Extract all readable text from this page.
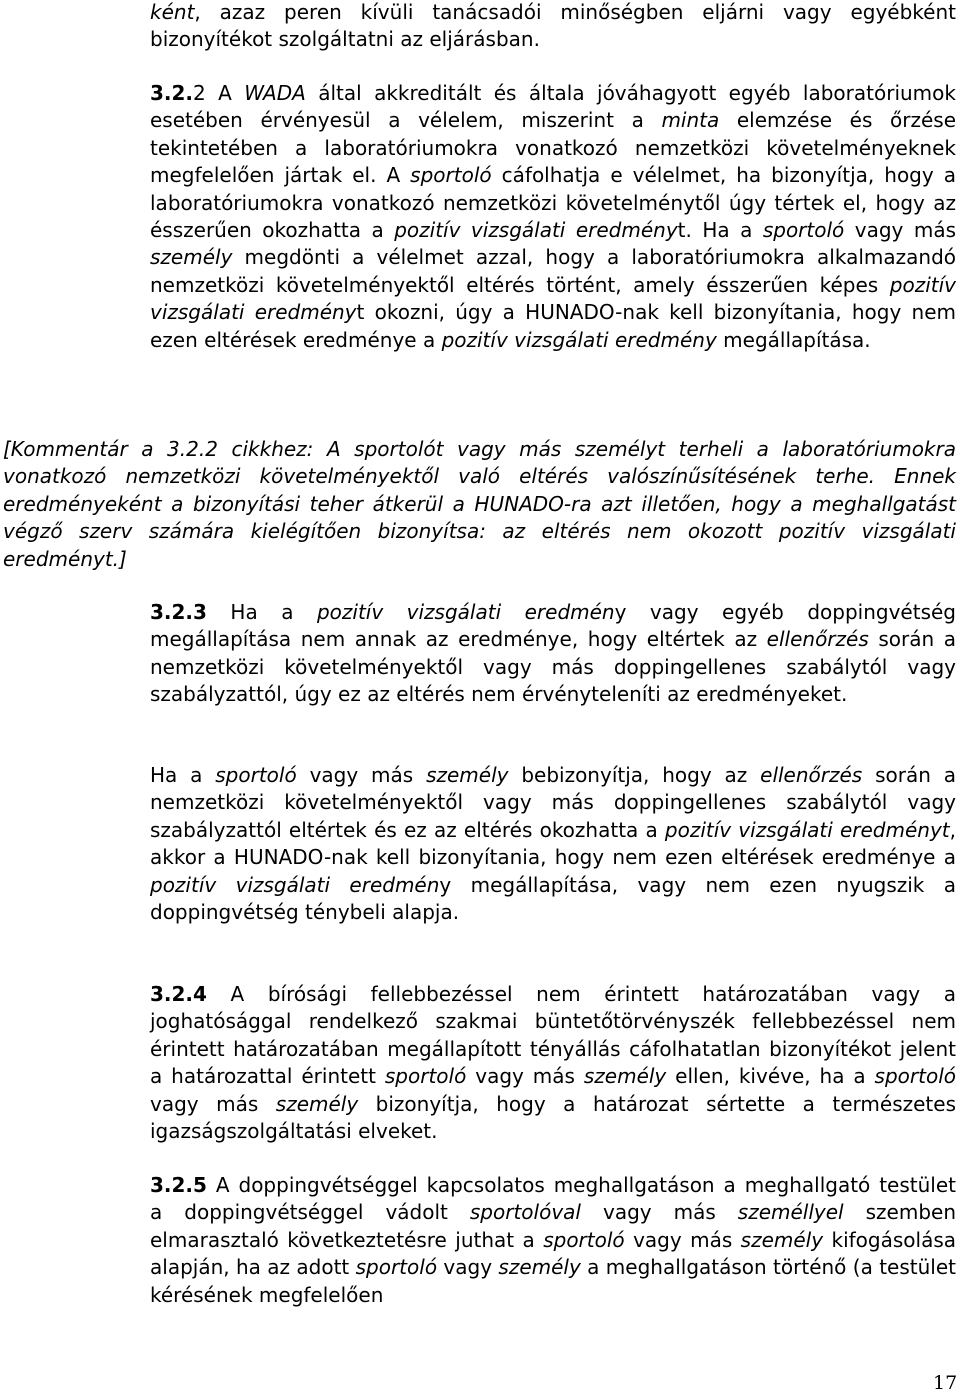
ként, azaz peren kívüli tanácsadói minőségben eljárni vagy egyébként bizonyítékot szolgáltatni az eljárásban.

3.2.2 A WADA által akkreditált és általa jóváhagyott egyéb laboratóriumok esetében érvényesül a vélelem, miszerint a minta elemzése és őrzése tekintetében a laboratóriumokra vonatkozó nemzetközi követelményeknek megfelelően jártak el. A sportoló cáfolhatja e vélelmet, ha bizonyítja, hogy a laboratóriumokra vonatkozó nemzetközi követelménytől úgy tértek el, hogy az ésszerűen okozhatta a pozitív vizsgálati eredményt. Ha a sportoló vagy más személy megdönti a vélelmet azzal, hogy a laboratóriumokra alkalmazandó nemzetközi követelményektől eltérés történt, amely ésszerűen képes pozitív vizsgálati eredményt okozni, úgy a HUNADO-nak kell bizonyítania, hogy nem ezen eltérések eredménye a pozitív vizsgálati eredmény megállapítása.

[Kommentár a 3.2.2 cikkhez: A sportolót vagy más személyt terheli a laboratóriumokra vonatkozó nemzetközi követelményektől való eltérés valószínűsítésének terhe. Ennek eredményeként a bizonyítási teher átkerül a HUNADO-ra azt illetően, hogy a meghallgatást végző szerv számára kielégítően bizonyítsa: az eltérés nem okozott pozitív vizsgálati eredményt.]

3.2.3 Ha a pozitív vizsgálati eredmény vagy egyéb doppingvétség megállapítása nem annak az eredménye, hogy eltértek az ellenőrzés során a nemzetközi követelményektől vagy más doppingellenes szabálytól vagy szabályzattól, úgy ez az eltérés nem érvényteleníti az eredményeket.

Ha a sportoló vagy más személy bebizonyítja, hogy az ellenőrzés során a nemzetközi követelményektől vagy más doppingellenes szabálytól vagy szabályzattól eltértek és ez az eltérés okozhatta a pozitív vizsgálati eredményt, akkor a HUNADO-nak kell bizonyítania, hogy nem ezen eltérések eredménye a pozitív vizsgálati eredmény megállapítása, vagy nem ezen nyugszik a doppingvétség ténybeli alapja.

3.2.4 A bírósági fellebbezéssel nem érintett határozatában vagy a joghatósággal rendelkező szakmai büntetőtörvényszék fellebbezéssel nem érintett határozatában megállapított tényállás cáfolhatatlan bizonyítékot jelent a határozattal érintett sportoló vagy más személy ellen, kivéve, ha a sportoló vagy más személy bizonyítja, hogy a határozat sértette a természetes igazságszolgáltatási elveket.

3.2.5 A doppingvétséggel kapcsolatos meghallgatáson a meghallgató testület a doppingvétséggel vádolt sportolóval vagy más személlyel szemben elmarasztaló következtetésre juthat a sportoló vagy más személy kifogásolása alapján, ha az adott sportoló vagy személy a meghallgatáson történő (a testület kérésének megfelelően

17
